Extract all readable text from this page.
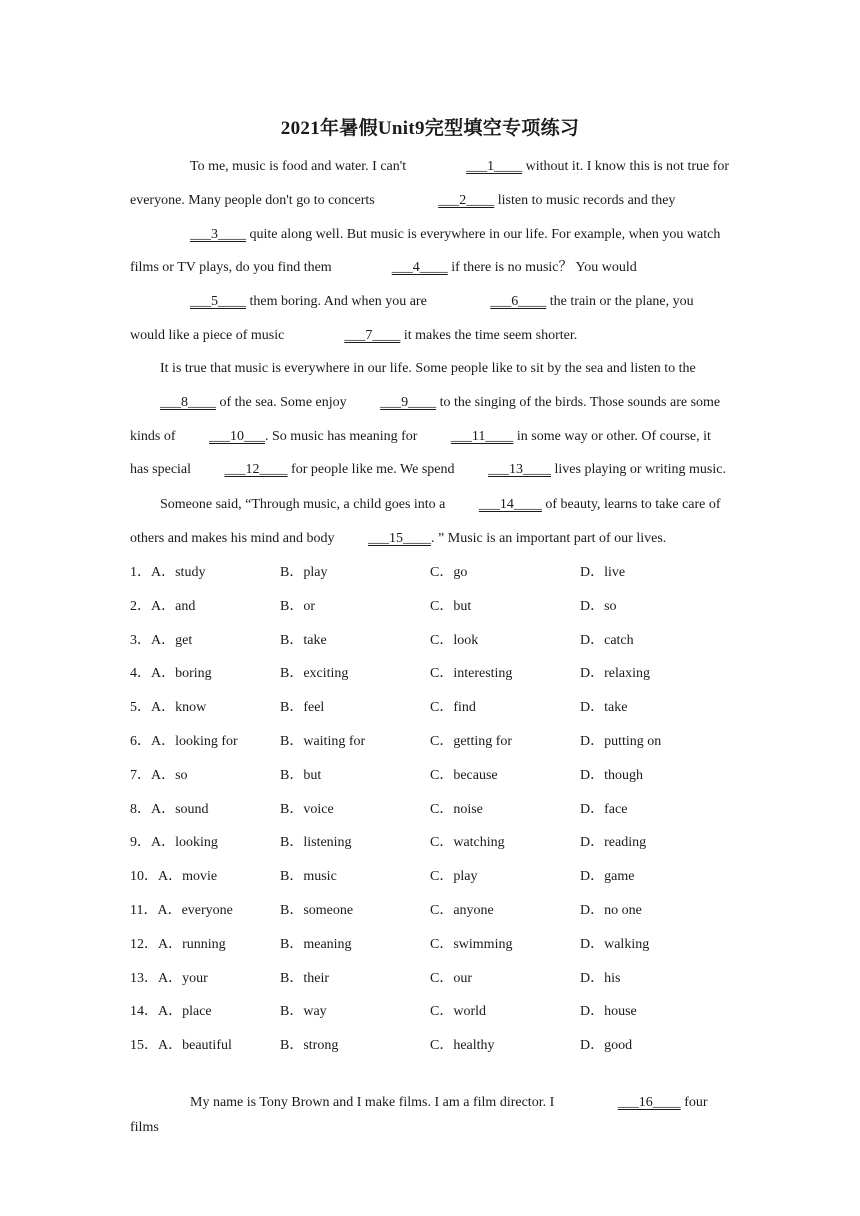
2021年暑假Unit9完型填空专项练习
To me, music is food and water. I can't	___1____ without it. I know this is not true for everyone. Many people don't go to concerts	___2____ listen to music records and they___3____ quite along well. But music is everywhere in our life. For example, when you watch films or TV plays, do you find them	___4____ if there is no music？ You would___5____ them boring. And when you are	___6____ the train or the plane, you would like a piece of music	___7____ it makes the time seem shorter.
It is true that music is everywhere in our life. Some people like to sit by the sea and listen to the ___8____ of the sea. Some enjoy ___9____ to the singing of the birds. Those sounds are some kinds of ___10___. So music has meaning for ___11____ in some way or other. Of course, it has special ___12____ for people like me. We spend ___13____ lives playing or writing music.
Someone said, “Through music, a child goes into a ___14____ of beauty, learns to take care of others and makes his mind and body ___15____. ” Music is an important part of our lives.
1．A．study	B．play	C．go	D．live
2．A．and	B．or	C．but	D．so
3．A．get	B．take	C．look	D．catch
4．A．boring	B．exciting	C．interesting	D．relaxing
5．A．know	B．feel	C．find	D．take
6．A．looking for	B．waiting for	C．getting for	D．putting on
7．A．so	B．but	C．because	D．though
8．A．sound	B．voice	C．noise	D．face
9．A．looking	B．listening	C．watching	D．reading
10．A．movie	B．music	C．play	D．game
11．A．everyone	B．someone	C．anyone	D．no one
12．A．running	B．meaning	C．swimming	D．walking
13．A．your	B．their	C．our	D．his
14．A．place	B．way	C．world	D．house
15．A．beautiful	B．strong	C．healthy	D．good
My name is Tony Brown and I make films. I am a film director. I	___16____ four films
